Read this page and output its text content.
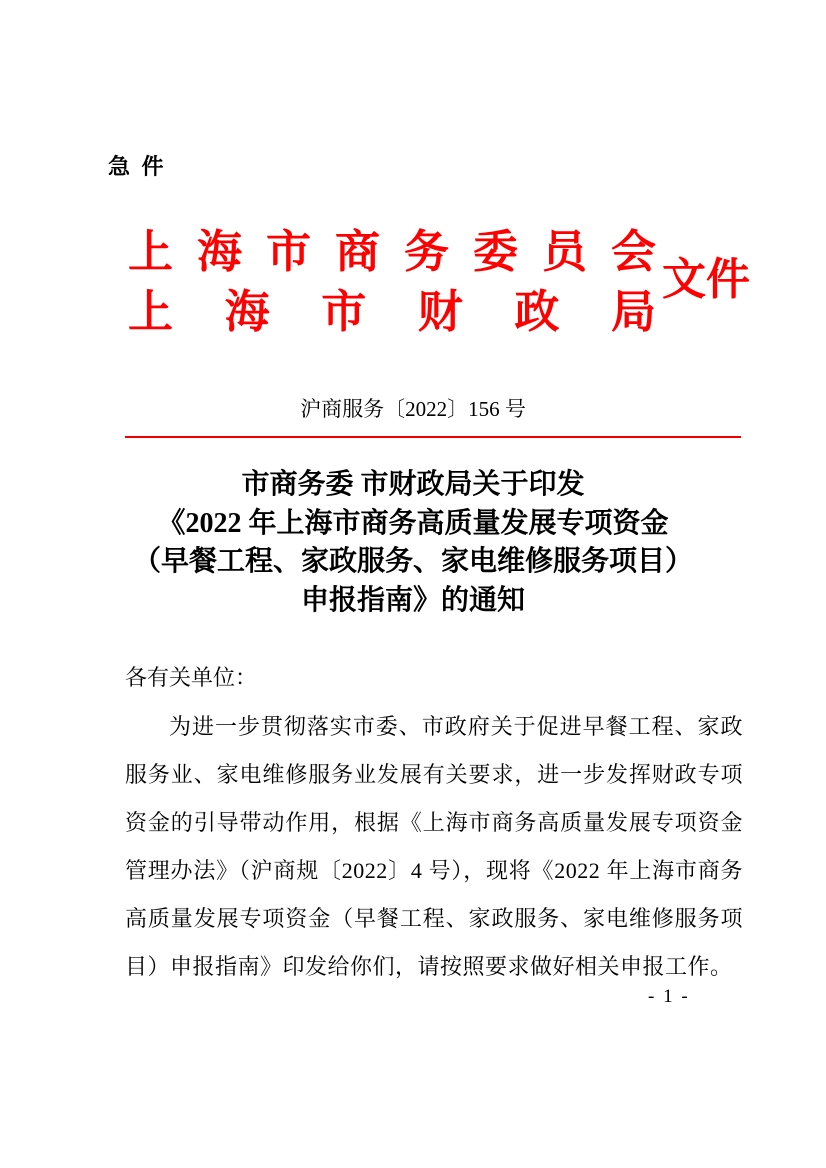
急 件
上 海 市 商 务 委 员 会
上 海 市 财 政 局
文件
沪商服务〔2022〕156 号
市商务委 市财政局关于印发
《2022 年上海市商务高质量发展专项资金
（早餐工程、家政服务、家电维修服务项目）
申报指南》的通知
各有关单位：
为进一步贯彻落实市委、市政府关于促进早餐工程、家政服务业、家电维修服务业发展有关要求，进一步发挥财政专项资金的引导带动作用，根据《上海市商务高质量发展专项资金管理办法》（沪商规〔2022〕4 号），现将《2022 年上海市商务高质量发展专项资金（早餐工程、家政服务、家电维修服务项目）申报指南》印发给你们，请按照要求做好相关申报工作。
- 1 -
